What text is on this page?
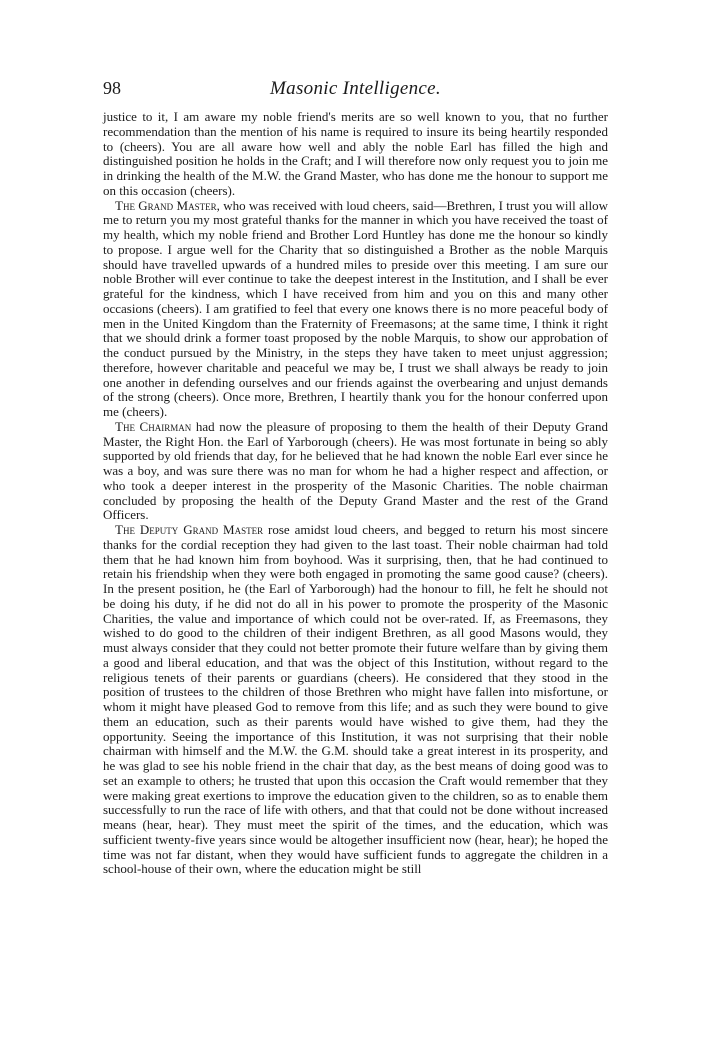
98	Masonic Intelligence.

justice to it, I am aware my noble friend's merits are so well known to you, that no further recommendation than the mention of his name is required to insure its being heartily responded to (cheers). You are all aware how well and ably the noble Earl has filled the high and distinguished position he holds in the Craft; and I will therefore now only request you to join me in drinking the health of the M.W. the Grand Master, who has done me the honour to support me on this occasion (cheers).

The Grand Master, who was received with loud cheers, said—Brethren, I trust you will allow me to return you my most grateful thanks for the manner in which you have received the toast of my health, which my noble friend and Brother Lord Huntley has done me the honour so kindly to propose. I argue well for the Charity that so distinguished a Brother as the noble Marquis should have travelled upwards of a hundred miles to preside over this meeting. I am sure our noble Brother will ever continue to take the deepest interest in the Institution, and I shall be ever grateful for the kindness, which I have received from him and you on this and many other occasions (cheers). I am gratified to feel that every one knows there is no more peaceful body of men in the United Kingdom than the Fraternity of Freemasons; at the same time, I think it right that we should drink a former toast proposed by the noble Marquis, to show our approbation of the conduct pursued by the Ministry, in the steps they have taken to meet unjust aggression; therefore, however charitable and peaceful we may be, I trust we shall always be ready to join one another in defending ourselves and our friends against the overbearing and unjust demands of the strong (cheers). Once more, Brethren, I heartily thank you for the honour conferred upon me (cheers).

The Chairman had now the pleasure of proposing to them the health of their Deputy Grand Master, the Right Hon. the Earl of Yarborough (cheers). He was most fortunate in being so ably supported by old friends that day, for he believed that he had known the noble Earl ever since he was a boy, and was sure there was no man for whom he had a higher respect and affection, or who took a deeper interest in the prosperity of the Masonic Charities. The noble chairman concluded by proposing the health of the Deputy Grand Master and the rest of the Grand Officers.

The Deputy Grand Master rose amidst loud cheers, and begged to return his most sincere thanks for the cordial reception they had given to the last toast. Their noble chairman had told them that he had known him from boyhood. Was it surprising, then, that he had continued to retain his friendship when they were both engaged in promoting the same good cause? (cheers). In the present position, he (the Earl of Yarborough) had the honour to fill, he felt he should not be doing his duty, if he did not do all in his power to promote the prosperity of the Masonic Charities, the value and importance of which could not be over-rated. If, as Freemasons, they wished to do good to the children of their indigent Brethren, as all good Masons would, they must always consider that they could not better promote their future welfare than by giving them a good and liberal education, and that was the object of this Institution, without regard to the religious tenets of their parents or guardians (cheers). He considered that they stood in the position of trustees to the children of those Brethren who might have fallen into misfortune, or whom it might have pleased God to remove from this life; and as such they were bound to give them an education, such as their parents would have wished to give them, had they the opportunity. Seeing the importance of this Institution, it was not surprising that their noble chairman with himself and the M.W. the G.M. should take a great interest in its prosperity, and he was glad to see his noble friend in the chair that day, as the best means of doing good was to set an example to others; he trusted that upon this occasion the Craft would remember that they were making great exertions to improve the education given to the children, so as to enable them successfully to run the race of life with others, and that that could not be done without increased means (hear, hear). They must meet the spirit of the times, and the education, which was sufficient twenty-five years since would be altogether insufficient now (hear, hear); he hoped the time was not far distant, when they would have sufficient funds to aggregate the children in a school-house of their own, where the education might be still
